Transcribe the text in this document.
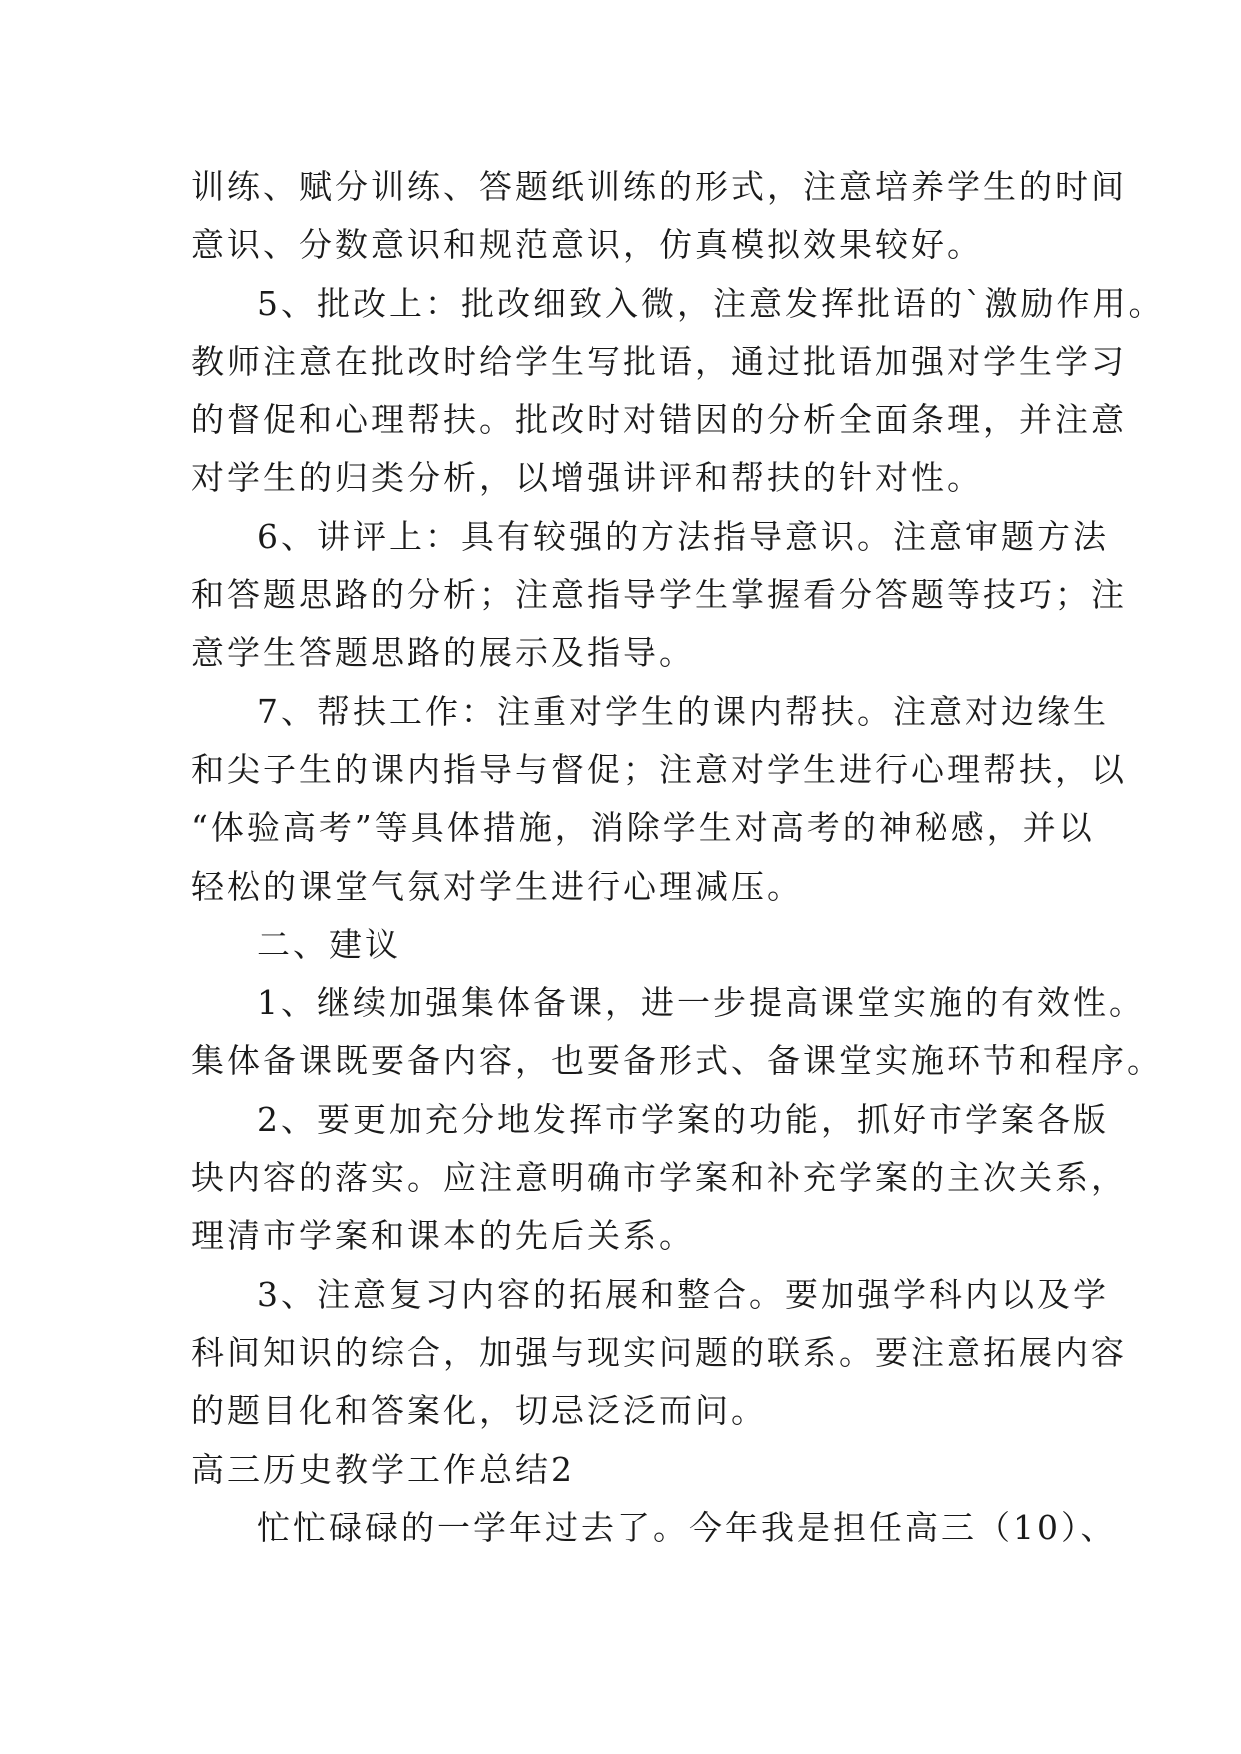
训练、赋分训练、答题纸训练的形式，注意培养学生的时间
意识、分数意识和规范意识，仿真模拟效果较好。
5、批改上：批改细致入微，注意发挥批语的`激励作用。
教师注意在批改时给学生写批语，通过批语加强对学生学习
的督促和心理帮扶。批改时对错因的分析全面条理，并注意
对学生的归类分析，以增强讲评和帮扶的针对性。
6、讲评上：具有较强的方法指导意识。注意审题方法
和答题思路的分析；注意指导学生掌握看分答题等技巧；注
意学生答题思路的展示及指导。
7、帮扶工作：注重对学生的课内帮扶。注意对边缘生
和尖子生的课内指导与督促；注意对学生进行心理帮扶，以
“体验高考”等具体措施，消除学生对高考的神秘感，并以
轻松的课堂气氛对学生进行心理减压。
二、建议
1、继续加强集体备课，进一步提高课堂实施的有效性。
集体备课既要备内容，也要备形式、备课堂实施环节和程序。
2、要更加充分地发挥市学案的功能，抓好市学案各版
块内容的落实。应注意明确市学案和补充学案的主次关系，
理清市学案和课本的先后关系。
3、注意复习内容的拓展和整合。要加强学科内以及学
科间知识的综合，加强与现实问题的联系。要注意拓展内容
的题目化和答案化，切忌泛泛而问。
高三历史教学工作总结2
忙忙碌碌的一学年过去了。今年我是担任高三（10）、
